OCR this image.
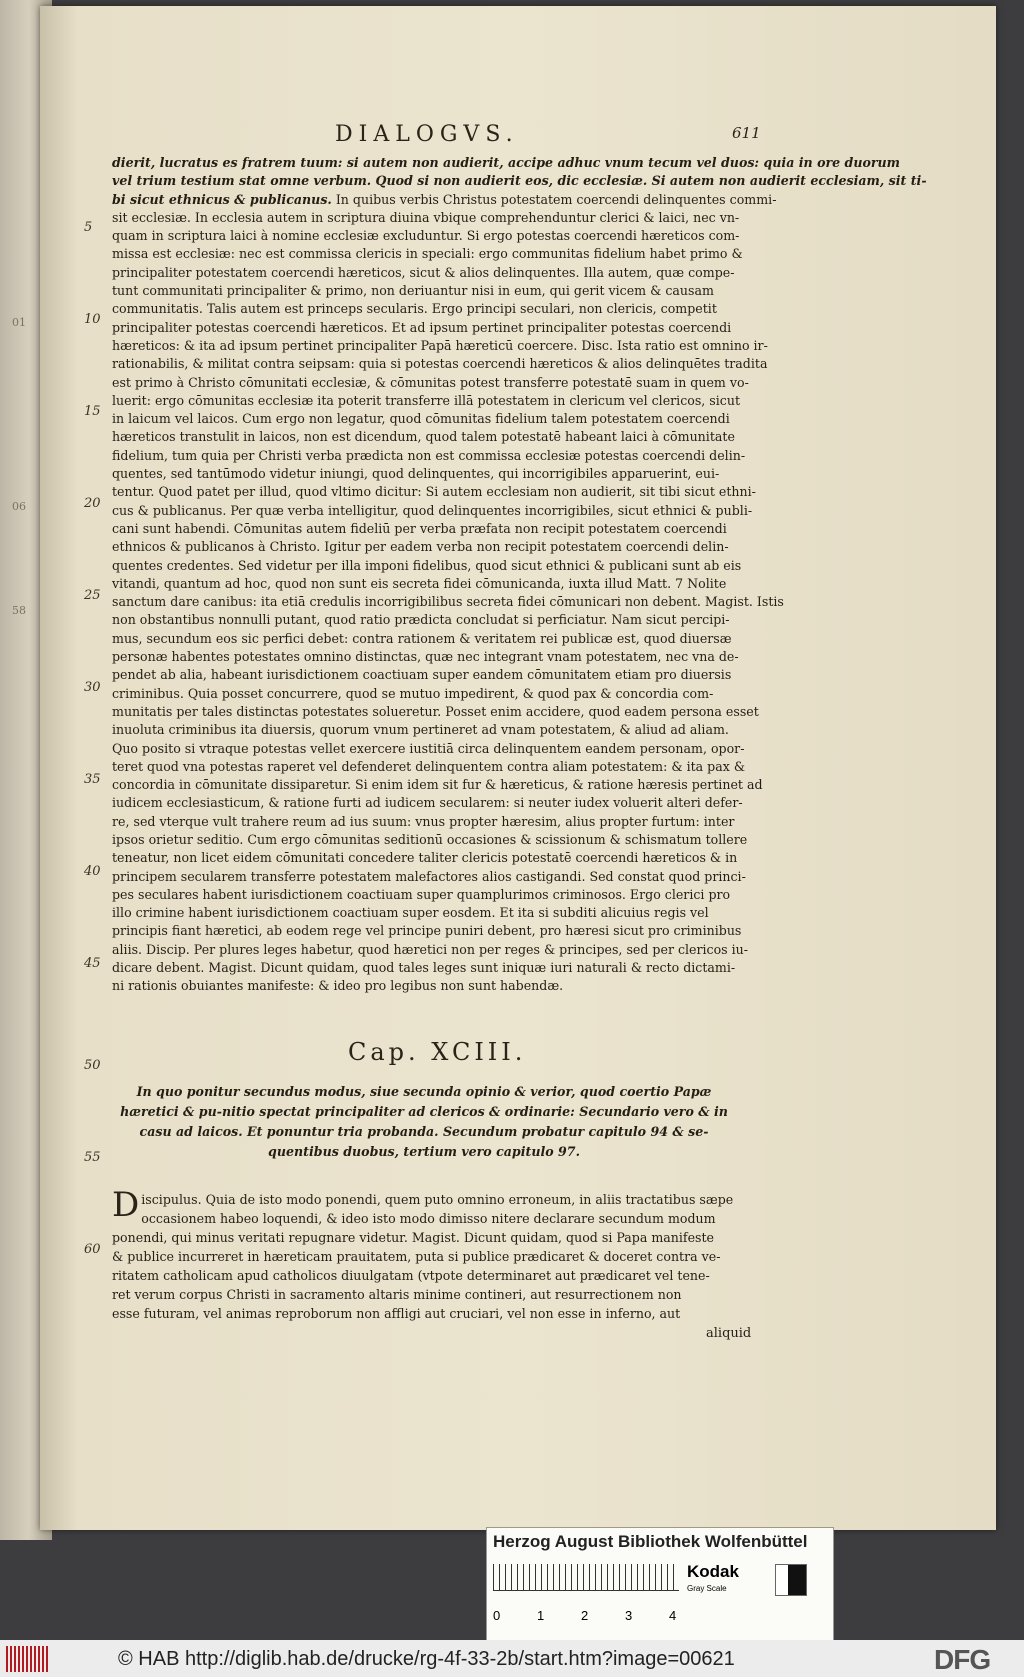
01
06
58
DIALOGVS.	611
5
10
15
20
25
30
35
40
45
50
55
60
dierit, lucratus es fratrem tuum: si autem non audierit, accipe adhuc vnum tecum vel duos: quia in ore duorum
vel trium testium stat omne verbum. Quod si non audierit eos, dic ecclesiæ. Si autem non audierit ecclesiam, sit ti-
bi sicut ethnicus & publicanus. In quibus verbis Christus potestatem coercendi delinquentes commi-
sit ecclesiæ. In ecclesia autem in scriptura diuina vbique comprehenduntur clerici & laici, nec vn-
quam in scriptura laici à nomine ecclesiæ excluduntur. Si ergo potestas coercendi hæreticos com-
missa est ecclesiæ: nec est commissa clericis in speciali: ergo communitas fidelium habet primo &
principaliter potestatem coercendi hæreticos, sicut & alios delinquentes. Illa autem, quæ compe-
tunt communitati principaliter & primo, non deriuantur nisi in eum, qui gerit vicem & causam
communitatis. Talis autem est princeps secularis. Ergo principi seculari, non clericis, competit
principaliter potestas coercendi hæreticos. Et ad ipsum pertinet principaliter potestas coercendi
hæreticos: & ita ad ipsum pertinet principaliter Papā hæreticū coercere. Disc. Ista ratio est omnino ir-
rationabilis, & militat contra seipsam: quia si potestas coercendi hæreticos & alios delinquētes tradita
est primo à Christo cōmunitati ecclesiæ, & cōmunitas potest transferre potestatē suam in quem vo-
luerit: ergo cōmunitas ecclesiæ ita poterit transferre illā potestatem in clericum vel clericos, sicut
in laicum vel laicos. Cum ergo non legatur, quod cōmunitas fidelium talem potestatem coercendi
hæreticos transtulit in laicos, non est dicendum, quod talem potestatē habeant laici à cōmunitate
fidelium, tum quia per Christi verba prædicta non est commissa ecclesiæ potestas coercendi delin-
quentes, sed tantūmodo videtur iniungi, quod delinquentes, qui incorrigibiles apparuerint, eui-
tentur. Quod patet per illud, quod vltimo dicitur: Si autem ecclesiam non audierit, sit tibi sicut ethni-
cus & publicanus. Per quæ verba intelligitur, quod delinquentes incorrigibiles, sicut ethnici & publi-
cani sunt habendi. Cōmunitas autem fideliū per verba præfata non recipit potestatem coercendi
ethnicos & publicanos à Christo. Igitur per eadem verba non recipit potestatem coercendi delin-
quentes credentes. Sed videtur per illa imponi fidelibus, quod sicut ethnici & publicani sunt ab eis
vitandi, quantum ad hoc, quod non sunt eis secreta fidei cōmunicanda, iuxta illud Matt. 7 Nolite
sanctum dare canibus: ita etiā credulis incorrigibilibus secreta fidei cōmunicari non debent. Magist. Istis
non obstantibus nonnulli putant, quod ratio prædicta concludat si perficiatur. Nam sicut percipi-
mus, secundum eos sic perfici debet: contra rationem & veritatem rei publicæ est, quod diuersæ
personæ habentes potestates omnino distinctas, quæ nec integrant vnam potestatem, nec vna de-
pendet ab alia, habeant iurisdictionem coactiuam super eandem cōmunitatem etiam pro diuersis
criminibus. Quia posset concurrere, quod se mutuo impedirent, & quod pax & concordia com-
munitatis per tales distinctas potestates solueretur. Posset enim accidere, quod eadem persona esset
inuoluta criminibus ita diuersis, quorum vnum pertineret ad vnam potestatem, & aliud ad aliam.
Quo posito si vtraque potestas vellet exercere iustitiā circa delinquentem eandem personam, opor-
teret quod vna potestas raperet vel defenderet delinquentem contra aliam potestatem: & ita pax &
concordia in cōmunitate dissiparetur. Si enim idem sit fur & hæreticus, & ratione hæresis pertinet ad
iudicem ecclesiasticum, & ratione furti ad iudicem secularem: si neuter iudex voluerit alteri defer-
re, sed vterque vult trahere reum ad ius suum: vnus propter hæresim, alius propter furtum: inter
ipsos orietur seditio. Cum ergo cōmunitas seditionū occasiones & scissionum & schismatum tollere
teneatur, non licet eidem cōmunitati concedere taliter clericis potestatē coercendi hæreticos & in
principem secularem transferre potestatem malefactores alios castigandi. Sed constat quod princi-
pes seculares habent iurisdictionem coactiuam super quamplurimos criminosos. Ergo clerici pro
illo crimine habent iurisdictionem coactiuam super eosdem. Et ita si subditi alicuius regis vel
principis fiant hæretici, ab eodem rege vel principe puniri debent, pro hæresi sicut pro criminibus
aliis. Discip. Per plures leges habetur, quod hæretici non per reges & principes, sed per clericos iu-
dicare debent. Magist. Dicunt quidam, quod tales leges sunt iniquæ iuri naturali & recto dictami-
ni rationis obuiantes manifeste: & ideo pro legibus non sunt habendæ.
Cap. XCIII.
In quo ponitur secundus modus, siue secunda opinio & verior, quod coertio Papæ hæretici & pu-nitio spectat principaliter ad clericos & ordinarie: Secundario vero & in casu ad laicos. Et ponuntur tria probanda. Secundum probatur capitulo 94 & se-quentibus duobus, tertium vero capitulo 97.
D iscipulus. Quia de isto modo ponendi, quem puto omnino erroneum, in aliis tractatibus sæpe
occasionem habeo loquendi, & ideo isto modo dimisso nitere declarare secundum modum
ponendi, qui minus veritati repugnare videtur. Magist. Dicunt quidam, quod si Papa manifeste
& publice incurreret in hæreticam prauitatem, puta si publice prædicaret & doceret contra ve-
ritatem catholicam apud catholicos diuulgatam (vtpote determinaret aut prædicaret vel tene-
ret verum corpus Christi in sacramento altaris minime contineri, aut resurrectionem non
esse futuram, vel animas reproborum non affligi aut cruciari, vel non esse in inferno, aut
aliquid
Herzog August Bibliothek Wolfenbüttel
0	1	2	3	4
Kodak
Gray Scale
© HAB http://diglib.hab.de/drucke/rg-4f-33-2b/start.htm?image=00621	DFG
